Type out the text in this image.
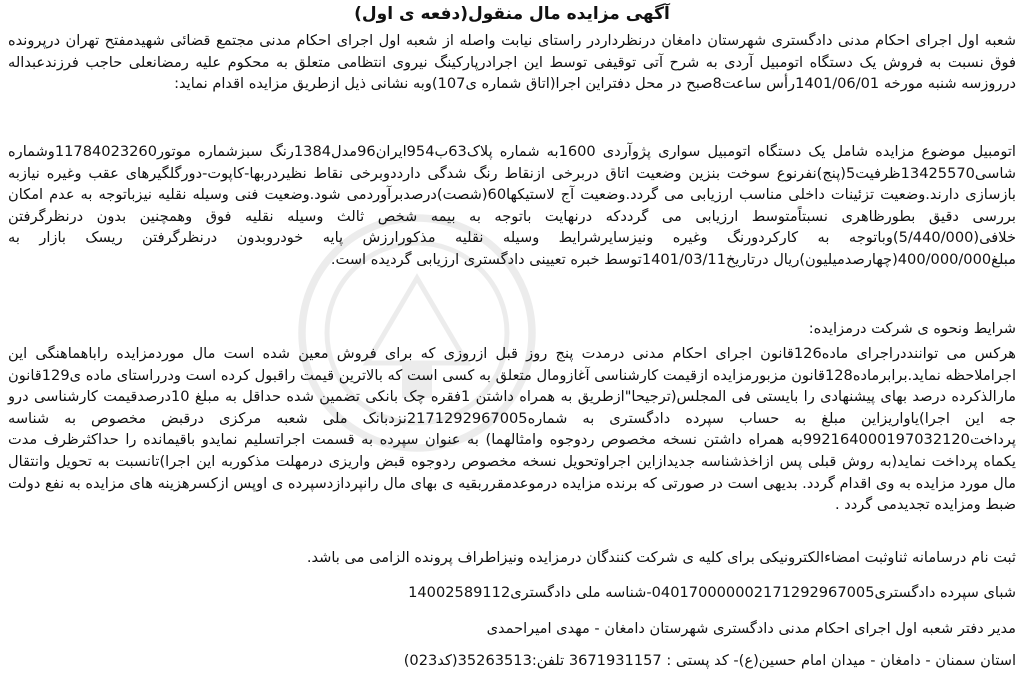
آگهی مزایده مال منقول(دفعه ی اول)
شعبه اول اجرای احکام مدنی دادگستری شهرستان دامغان درنظرداردر راستای نیابت واصله از شعبه اول اجرای احکام مدنی مجتمع قضائی شهیدمفتح تهران درپرونده فوق نسبت به فروش یک دستگاه اتومبیل آردی به شرح آتی توقیفی توسط این اجرادرپارکینگ نیروی انتظامی متعلق به محکوم علیه رمضانعلی حاجب فرزندعبداله درروزسه شنبه مورخه 1401/06/01رأس ساعت8صبح در محل دفتراین اجرا(اتاق شماره ی107)وبه نشانی ذیل ازطریق مزایده اقدام نماید:
اتومبیل موضوع مزایده شامل یک دستگاه اتومبیل سواری پژوآردی 1600به شماره پلاک63ب954ایران96مدل1384رنگ سبزشماره موتور11784023260وشماره شاسی13425570ظرفیت5(پنج)نفرنوع سوخت بنزین وضعیت اتاق دربرخی ازنقاط رنگ شدگی دارددوبرخی نقاط نظیردربها-کاپوت-دورگلگیرهای عقب وغیره نیازبه بازسازی دارند.وضعیت تزئینات داخلی مناسب ارزیابی می گردد.وضعیت آج لاستیکها60(شصت)درصدبرآوردمی شود.وضعیت فنی وسیله نقلیه نیزباتوجه به عدم امکان بررسی دقیق بطورظاهری نسبتاًمتوسط ارزیابی می گرددکه درنهایت باتوجه به بیمه شخص ثالث وسیله نقلیه فوق وهمچنین بدون درنظرگرفتن خلافی(5/440/000)وباتوجه به کارکردورنگ وغیره ونیزسایرشرایط وسیله نقلیه مذکورارزش پایه خودروبدون درنظرگرفتن ریسک بازار به مبلغ400/000/000(چهارصدمیلیون)ریال درتاریخ1401/03/11توسط خبره تعیینی دادگستری ارزیابی گردیده است.
شرایط ونحوه ی شرکت درمزایده:
هرکس می تواننددراجرای ماده126قانون اجرای احکام مدنی درمدت پنج روز قبل ازروزی که برای فروش معین شده است مال موردمزایده راباهماهنگی این اجراملاحظه نماید.برابرماده128قانون مزبورمزایده ازقیمت کارشناسی آغازومال متعلق به کسی است که بالاترین قیمت راقبول کرده است ودرراستای ماده ی129قانون مارالذکرده درصد بهای پیشنهادی را بایستی فی المجلس(ترجیحا"ازطریق به همراه داشتن 1فقره چک بانکی تضمین شده حداقل به مبلغ 10درصدقیمت کارشناسی درو جه این اجرا)یاواریزاین مبلغ به حساب سپرده دادگستری به شماره2171292967005نزدبانک ملی شعبه مرکزی درقبض مخصوص به شناسه پرداخت992164000197032120به همراه داشتن نسخه مخصوص ردوجوه وامثالهما) به عنوان سپرده به قسمت اجراتسلیم نمایدو باقیمانده را حداکثرظرف مدت یکماه پرداخت نماید(به روش قبلی پس ازاخذشناسه جدیدازاین اجراوتحویل نسخه مخصوص ردوجوه قبض واریزی درمهلت مذکوربه این اجرا)تانسبت به تحویل وانتقال مال مورد مزایده به وی اقدام گردد. بدیهی است در صورتی که برنده مزایده درموعدمقرربقیه ی بهای مال رانپردازدسپرده ی اوپس ازکسرهزینه های مزایده به نفع دولت ضبط ومزایده تجدیدمی گردد .
ثبت نام درسامانه ثناوثبت امضاءالکترونیکی برای کلیه ی شرکت کنندگان درمزایده ونیزاطراف پرونده الزامی می باشد.
شبای سپرده دادگستری040170000002171292967005-شناسه ملی دادگستری14002589112
مدیر دفتر شعبه اول اجرای احکام مدنی دادگستری شهرستان دامغان - مهدی امیراحمدی
استان سمنان - دامغان - میدان امام حسین(ع)- کد پستی : 3671931157 تلفن:35263513(کد023)
